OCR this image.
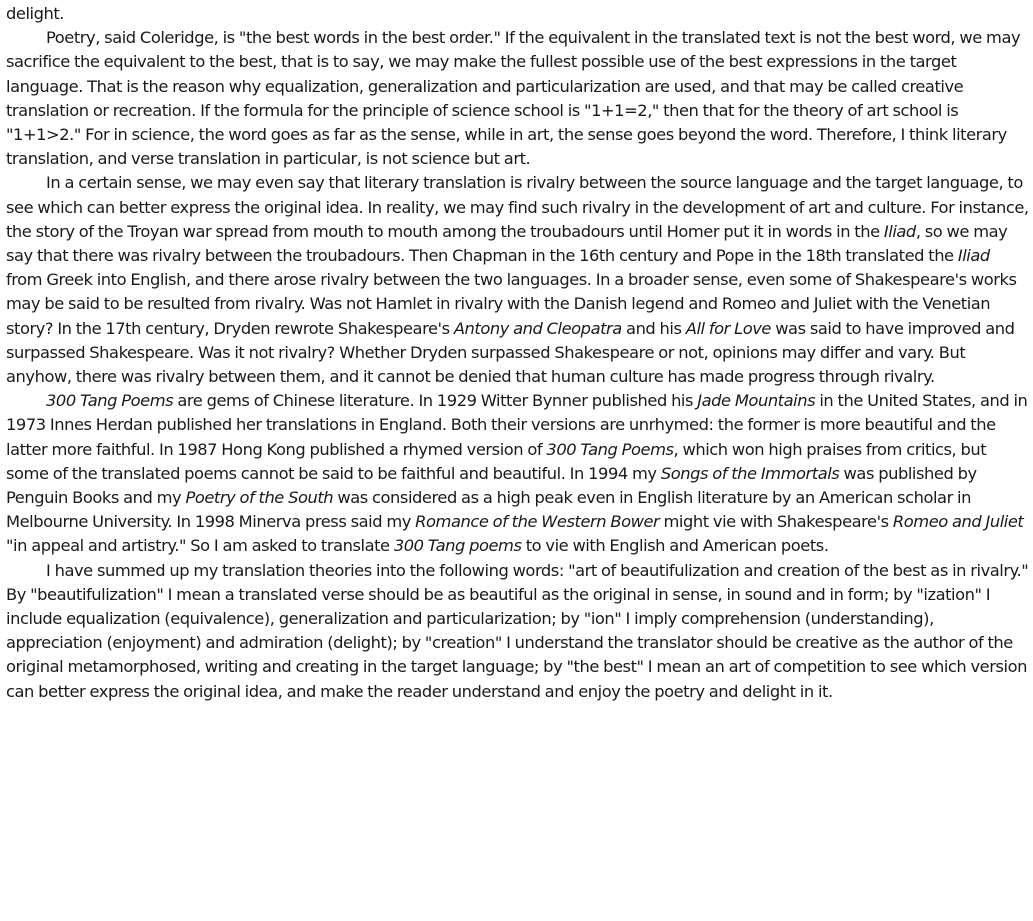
delight.

Poetry, said Coleridge, is "the best words in the best order." If the equivalent in the translated text is not the best word, we may sacrifice the equivalent to the best, that is to say, we may make the fullest possible use of the best expressions in the target language. That is the reason why equalization, generalization and particularization are used, and that may be called creative translation or recreation. If the formula for the principle of science school is "1+1=2," then that for the theory of art school is "1+1>2." For in science, the word goes as far as the sense, while in art, the sense goes beyond the word. Therefore, I think literary translation, and verse translation in particular, is not science but art.

In a certain sense, we may even say that literary translation is rivalry between the source language and the target language, to see which can better express the original idea. In reality, we may find such rivalry in the development of art and culture. For instance, the story of the Troyan war spread from mouth to mouth among the troubadours until Homer put it in words in the Iliad, so we may say that there was rivalry between the troubadours. Then Chapman in the 16th century and Pope in the 18th translated the Iliad from Greek into English, and there arose rivalry between the two languages. In a broader sense, even some of Shakespeare's works may be said to be resulted from rivalry. Was not Hamlet in rivalry with the Danish legend and Romeo and Juliet with the Venetian story? In the 17th century, Dryden rewrote Shakespeare's Antony and Cleopatra and his All for Love was said to have improved and surpassed Shakespeare. Was it not rivalry? Whether Dryden surpassed Shakespeare or not, opinions may differ and vary. But anyhow, there was rivalry between them, and it cannot be denied that human culture has made progress through rivalry.

300 Tang Poems are gems of Chinese literature. In 1929 Witter Bynner published his Jade Mountains in the United States, and in 1973 Innes Herdan published her translations in England. Both their versions are unrhymed: the former is more beautiful and the latter more faithful. In 1987 Hong Kong published a rhymed version of 300 Tang Poems, which won high praises from critics, but some of the translated poems cannot be said to be faithful and beautiful. In 1994 my Songs of the Immortals was published by Penguin Books and my Poetry of the South was considered as a high peak even in English literature by an American scholar in Melbourne University. In 1998 Minerva press said my Romance of the Western Bower might vie with Shakespeare's Romeo and Juliet "in appeal and artistry." So I am asked to translate 300 Tang poems to vie with English and American poets.

I have summed up my translation theories into the following words: "art of beautifulization and creation of the best as in rivalry." By "beautifulization" I mean a translated verse should be as beautiful as the original in sense, in sound and in form; by "ization" I include equalization (equivalence), generalization and particularization; by "ion" I imply comprehension (understanding), appreciation (enjoyment) and admiration (delight); by "creation" I understand the translator should be creative as the author of the original metamorphosed, writing and creating in the target language; by "the best" I mean an art of competition to see which version can better express the original idea, and make the reader understand and enjoy the poetry and delight in it.
